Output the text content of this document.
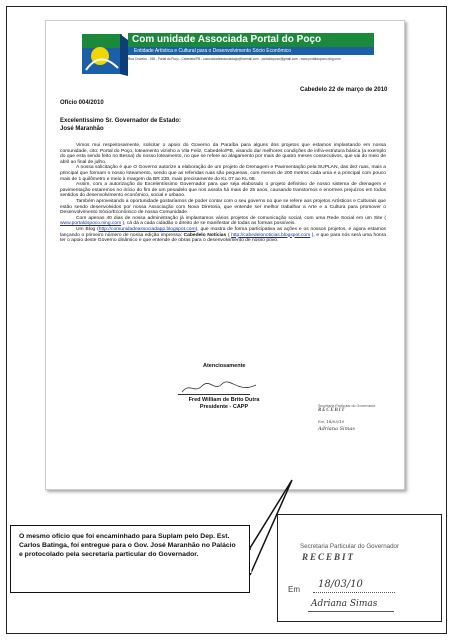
Com unidade Associada Portal do Poço
Entidade Artística e Cultural para o Desenvolvimento Sócio Econômico
Rua Cruzeiro - 198 - Portal do Poço - Cabedelo/PB - comunidadeassociadapp@hotmail.com - portaldopoco@gmail.com - www.portaldopoco.ning.com
Cabedelo 22 de março de 2010
Ofício 004/2010
Excelentíssimo Sr. Governador de Estado:
José Maranhão

Vimos mui respeitosamente, solicitar o apoio do Governo da Paraíba para alguns dos projetos que estamos implantando em nossa comunidade, cito: Portal do Poço, loteamento vizinho a Vila Feliz, Cabedelo/PB, visando dar melhores condições de infra-estrutura básica (a exemplo do que esta sendo feito no Bessa) do nosso loteamento, no que se refere ao alagamento por mais de quatro meses consecutivos, que vai do meio de abril ao final de julho.

A nossa solicitação é que O Governo autorize a elaboração de um projeto de Drenagem e Pavimentação pela SUPLAN, das dez ruas, mais a principal que formam o nosso loteamento, sendo que as referidas ruas são pequenas, com menos de 200 metros cada uma e a principal com pouco mais de 1 quilômetro e meio à margem da BR 230, mais precisamente do KL 07 ao KL 08.

Assim, com a autorização do Excelentíssimo Governador para que seja elaborado o projeto definitivo de nosso sistema de drenagem e pavimentação estaremos no início do fim de um pesadelo que nos assola há mais de 25 anos, causando transtornos e enormes prejuízos em todos sentidos do desenvolvimento econômico, social e urbano.

Também aproveitando a oportunidade gostaríamos de poder contar com o seu governo no que se refere aos projetos Artísticos e Culturais que estão sendo desenvolvidos por nossa Associação com Nova Diretoria, que entende ser melhor trabalhar a Arte e a Cultura para promover o Desenvolvimento Sócio/Econômico de nossa Comunidade.

Com apenas 40 dias de nossa administração já implantamos vários projetos de comunicação social, com uma Rede Social em um Site ( www.portaldopoco.ning.com ), cá dá a cada cidadão o direito de se manifestar de todas as formas possíveis.

Um Blog (http://comunidadeassociadapp.blogspot.com), que mostra de forma participativa as ações e os nossos projetos, e agora estamos lançando o primeiro número de nossa edição impressa: Cabedelo Notícias ( http://cabedelonoticias.blogspot.com ), e que para nós será uma honra ter o apoio deste Governo dinâmico e que entende de obras para o desenvolvimento de nosso povo.

Atenciosamente
Fred William de Brito Dutra
Presidente - CAPP	Secretaria Particular do Governador
RECEBIT
Em, 18/03/10
Adriana Simas
Secretaria Particular do Governador
RECEBIT
Em 18/03/10
Adriana Simas
O mesmo ofício que foi encaminhado para Suplam pelo Dep. Est. Carlos Batinga, foi entregue para o Gov. José Maranhão no Palácio e protocolado pela secretaria particular do Governador.
